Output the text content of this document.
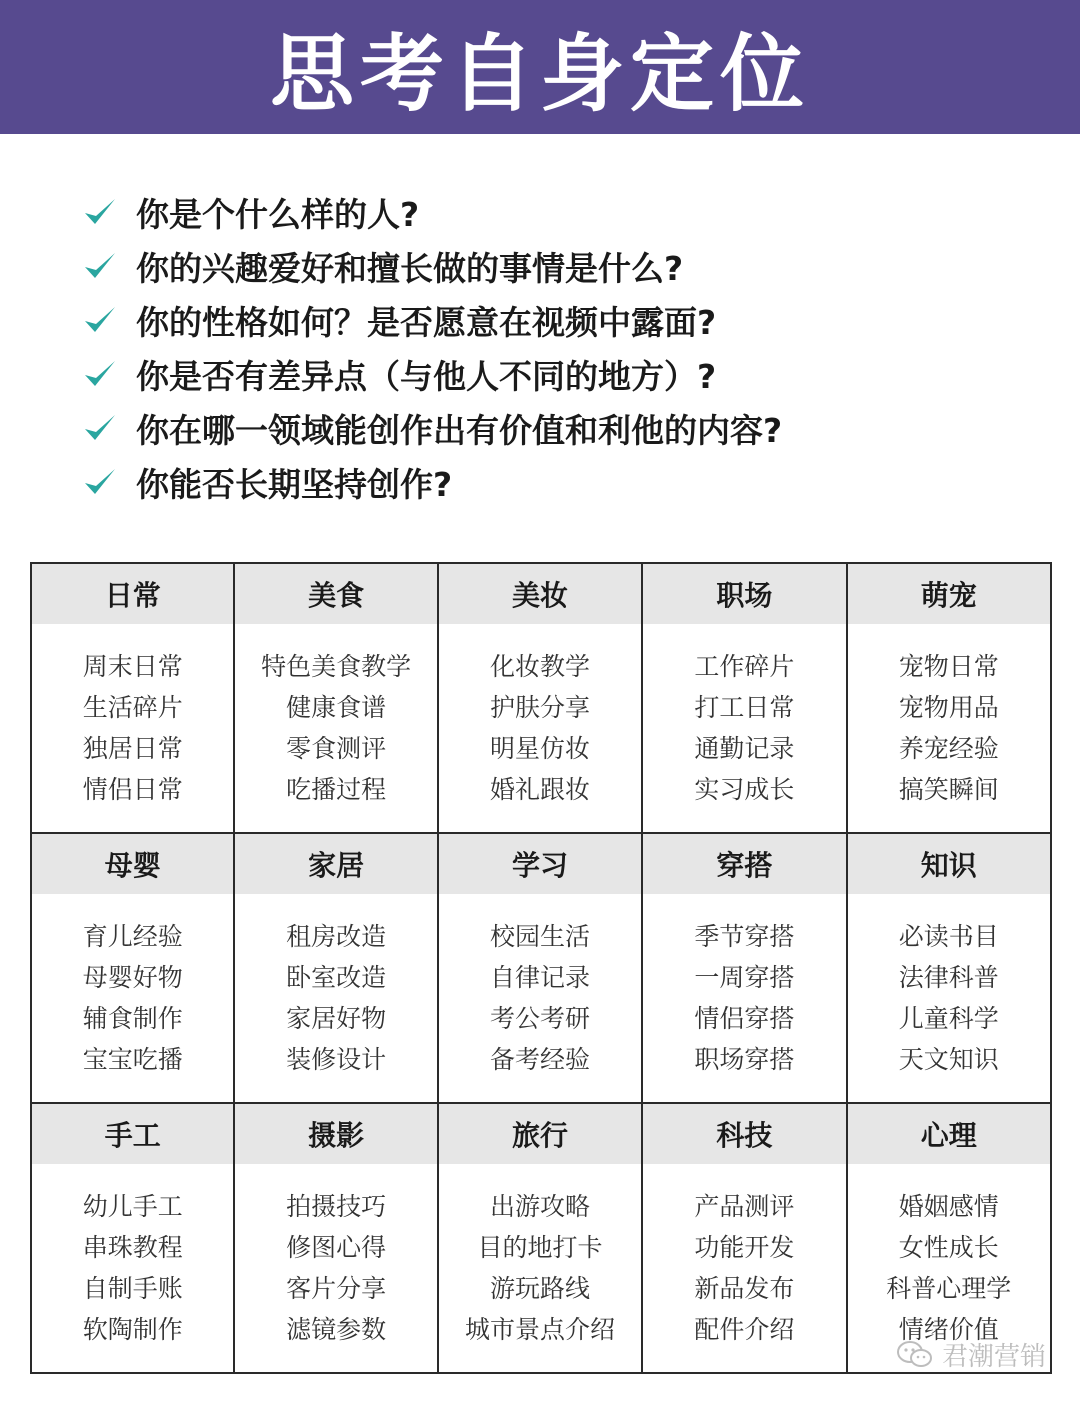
思考自身定位
你是个什么样的人?
你的兴趣爱好和擅长做的事情是什么?
你的性格如何？是否愿意在视频中露面?
你是否有差异点（与他人不同的地方）?
你在哪一领域能创作出有价值和利他的内容?
你能否长期坚持创作?
日常
周末日常
生活碎片
独居日常
情侣日常
美食
特色美食教学
健康食谱
零食测评
吃播过程
美妆
化妆教学
护肤分享
明星仿妆
婚礼跟妆
职场
工作碎片
打工日常
通勤记录
实习成长
萌宠
宠物日常
宠物用品
养宠经验
搞笑瞬间
母婴
育儿经验
母婴好物
辅食制作
宝宝吃播
家居
租房改造
卧室改造
家居好物
装修设计
学习
校园生活
自律记录
考公考研
备考经验
穿搭
季节穿搭
一周穿搭
情侣穿搭
职场穿搭
知识
必读书目
法律科普
儿童科学
天文知识
手工
幼儿手工
串珠教程
自制手账
软陶制作
摄影
拍摄技巧
修图心得
客片分享
滤镜参数
旅行
出游攻略
目的地打卡
游玩路线
城市景点介绍
科技
产品测评
功能开发
新品发布
配件介绍
心理
婚姻感情
女性成长
科普心理学
情绪价值
君潮营销
